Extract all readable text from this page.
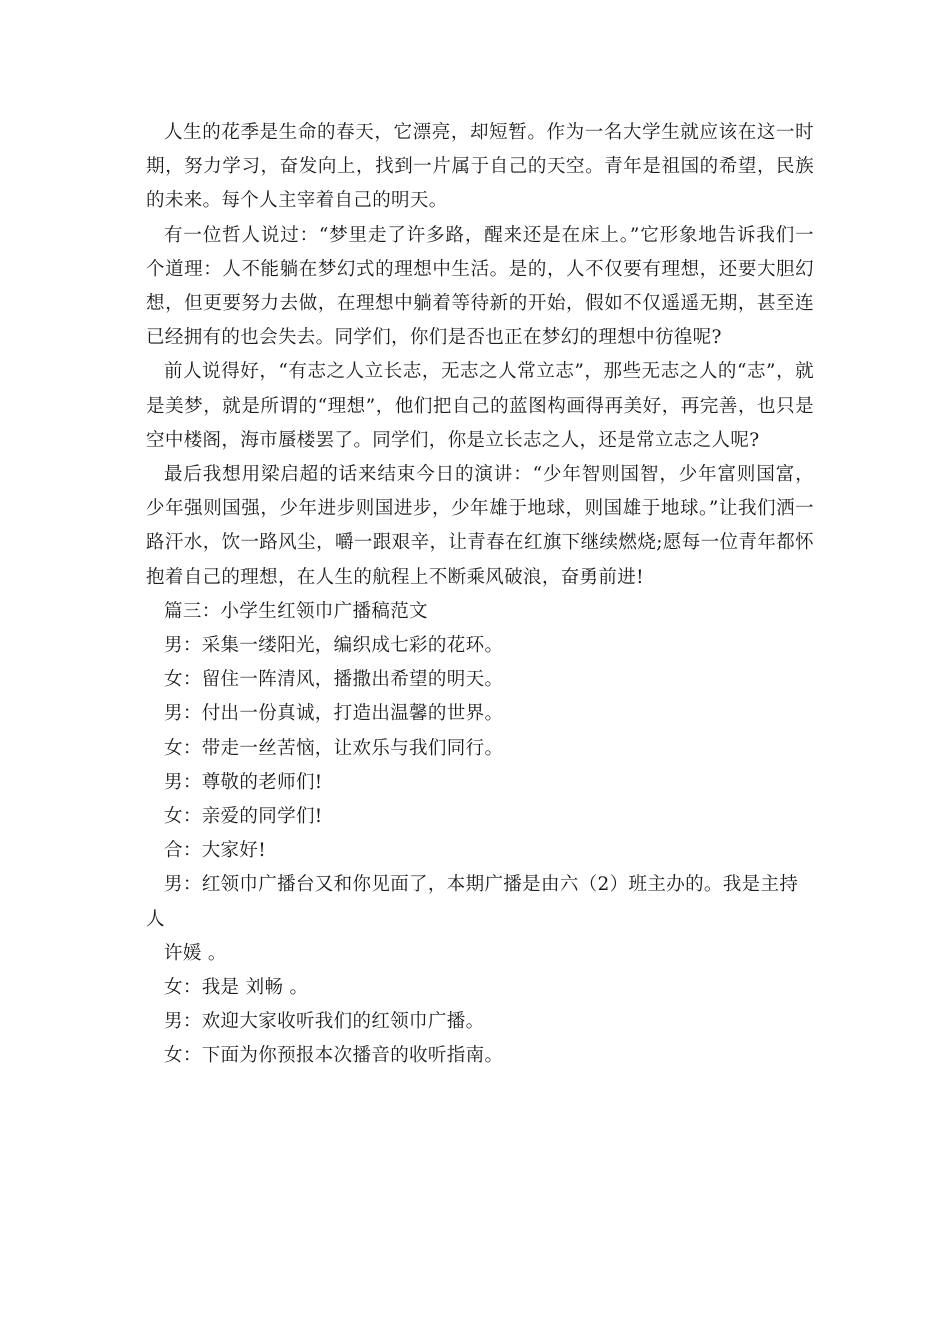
人生的花季是生命的春天，它漂亮，却短暂。作为一名大学生就应该在这一时期，努力学习，奋发向上，找到一片属于自己的天空。青年是祖国的希望，民族的未来。每个人主宰着自己的明天。

有一位哲人说过：“梦里走了许多路，醒来还是在床上。”它形象地告诉我们一个道理：人不能躺在梦幻式的理想中生活。是的，人不仅要有理想，还要大胆幻想，但更要努力去做，在理想中躺着等待新的开始，假如不仅遥遥无期，甚至连已经拥有的也会失去。同学们，你们是否也正在梦幻的理想中彷徨呢?

前人说得好，“有志之人立长志，无志之人常立志”，那些无志之人的“志”，就是美梦，就是所谓的“理想”，他们把自己的蓝图构画得再美好，再完善，也只是空中楼阁，海市蜃楼罢了。同学们，你是立长志之人，还是常立志之人呢?

最后我想用梁启超的话来结束今日的演讲：“少年智则国智，少年富则国富，少年强则国强，少年进步则国进步，少年雄于地球，则国雄于地球。”让我们洒一路汗水，饮一路风尘，嚼一跟艰辛，让青春在红旗下继续燃烧;愿每一位青年都怀抱着自己的理想，在人生的航程上不断乘风破浪，奋勇前进!

篇三：小学生红领巾广播稿范文
男：采集一缕阳光，编织成七彩的花环。
女：留住一阵清风，播撒出希望的明天。
男：付出一份真诚，打造出温馨的世界。
女：带走一丝苦恼，让欢乐与我们同行。
男：尊敬的老师们!
女：亲爱的同学们!
合：大家好!
男：红领巾广播台又和你见面了，本期广播是由六（2）班主办的。我是主持
人
许媛 。
女：我是 刘畅 。
男：欢迎大家收听我们的红领巾广播。
女：下面为你预报本次播音的收听指南。
